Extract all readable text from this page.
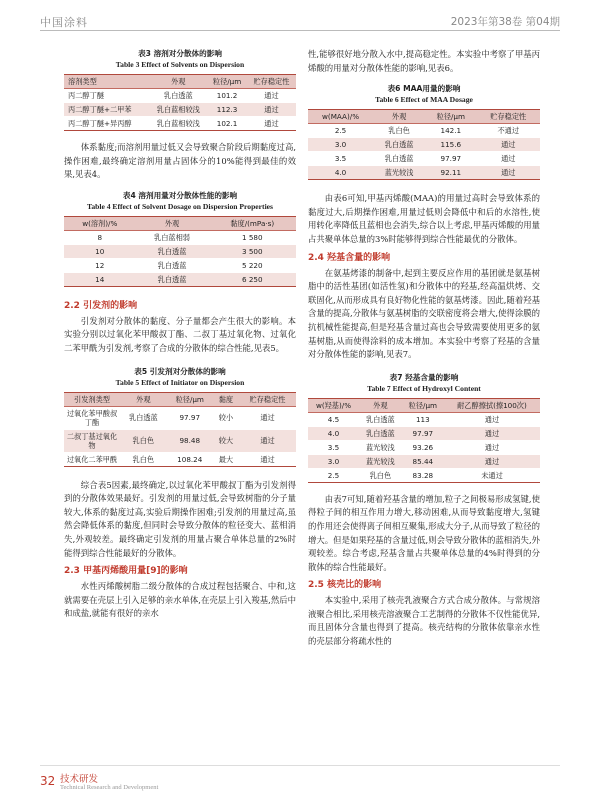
中国涂料	2023年第38卷 第04期
表3 溶剂对分散体的影响
Table 3 Effect of Solvents on Dispersion
溶剂类型	外观	粒径/μm	贮存稳定性
丙二醇丁醚	乳白透蓝	101.2	通过
丙二醇丁醚+二甲苯	乳白蓝相较浅	112.3	通过
丙二醇丁醚+异丙醇	乳白蓝相较浅	102.1	通过

体系黏度;而溶剂用量过低又会导致聚合阶段后期黏度过高,操作困难,最终确定溶剂用量占固体分的10%能得到最佳的效果,见表4。

表4 溶剂用量对分散体性能的影响
Table 4 Effect of Solvent Dosage on Dispersion Properties
w(溶剂)/%	外观	黏度/(mPa·s)
8	乳白蓝相弱	1 580
10	乳白透蓝	3 500
12	乳白透蓝	5 220
14	乳白透蓝	6 250
2.2 引发剂的影响

引发剂对分散体的黏度、分子量都会产生很大的影响。本实验分别以过氧化苯甲酸叔丁酯、二叔丁基过氧化物、过氧化二苯甲酰为引发剂,考察了合成的分散体的综合性能,见表5。

表5 引发剂对分散体的影响
Table 5 Effect of Initiator on Dispersion
引发剂类型	外观	粒径/μm	黏度	贮存稳定性
过氧化苯甲酸叔丁酯	乳白透蓝	97.97	较小	通过
二叔丁基过氧化物	乳白色	98.48	较大	通过
过氧化二苯甲酰	乳白色	108.24	最大	通过

综合表5因素,最终确定,以过氧化苯甲酸叔丁酯为引发剂得到的分散体效果最好。引发剂的用量过低,会导致树脂的分子量较大,体系的黏度过高,实验后期操作困难;引发剂的用量过高,虽然会降低体系的黏度,但同时会导致分散体的粒径变大、蓝相消失,外观较差。最终确定引发剂的用量占聚合单体总量的2%时能得到综合性能最好的分散体。

2.3 甲基丙烯酸用量[9]的影响

水性丙烯酸树脂二级分散体的合成过程包括聚合、中和,这就需要在壳层上引入足够的亲水单体,在壳层上引入羧基,然后中和成盐,就能有很好的亲水

性,能够很好地分散入水中,提高稳定性。本实验中考察了甲基丙烯酸的用量对分散体性能的影响,见表6。

表6 MAA用量的影响
Table 6 Effect of MAA Dosage
w(MAA)/%	外观	粒径/μm	贮存稳定性
2.5	乳白色	142.1	不通过
3.0	乳白透蓝	115.6	通过
3.5	乳白透蓝	97.97	通过
4.0	蓝光较浅	92.11	通过

由表6可知,甲基丙烯酸(MAA)的用量过高时会导致体系的黏度过大,后期操作困难,用量过低则会降低中和后的水溶性,使用转化率降低且蓝相也会消失,综合以上考虑,甲基丙烯酸的用量占共聚单体总量的3%时能够得到综合性能最优的分散体。

2.4 羟基含量的影响

在氨基烤漆的制备中,起到主要反应作用的基团就是氨基树脂中的活性基团(如活性氢)和分散体中的羟基,经高温烘烤、交联固化,从而形成具有良好物化性能的氨基烤漆。因此,随着羟基含量的提高,分散体与氨基树脂的交联密度将会增大,使得涂膜的抗机械性能提高,但是羟基含量过高也会导致需要使用更多的氨基树脂,从而使得涂料的成本增加。本实验中考察了羟基的含量对分散体性能的影响,见表7。

表7 羟基含量的影响
Table 7 Effect of Hydroxyl Content
w(羟基)/%	外观	粒径/μm	耐乙醇擦拭(擦100次)
4.5	乳白透蓝	113	通过
4.0	乳白透蓝	97.97	通过
3.5	蓝光较浅	93.26	通过
3.0	蓝光较浅	85.44	通过
2.5	乳白色	83.28	未通过

由表7可知,随着羟基含量的增加,粒子之间极易形成氢键,使得粒子间的相互作用力增大,移动困难,从而导致黏度增大,氢键的作用还会使得离子间相互聚集,形成大分子,从而导致了粒径的增大。但是如果羟基的含量过低,则会导致分散体的蓝相消失,外观较差。综合考虑,羟基含量占共聚单体总量的4%时得到的分散体的综合性能最好。

2.5 核壳比的影响

本实验中,采用了核壳乳液聚合方式合成分散体。与常规溶液聚合相比,采用核壳溶液聚合工艺制得的分散体不仅性能优异,而且固体分含量也得到了提高。核壳结构的分散体依靠亲水性的壳层部分将疏水性的

32 技术研发
Technical Research and Development
